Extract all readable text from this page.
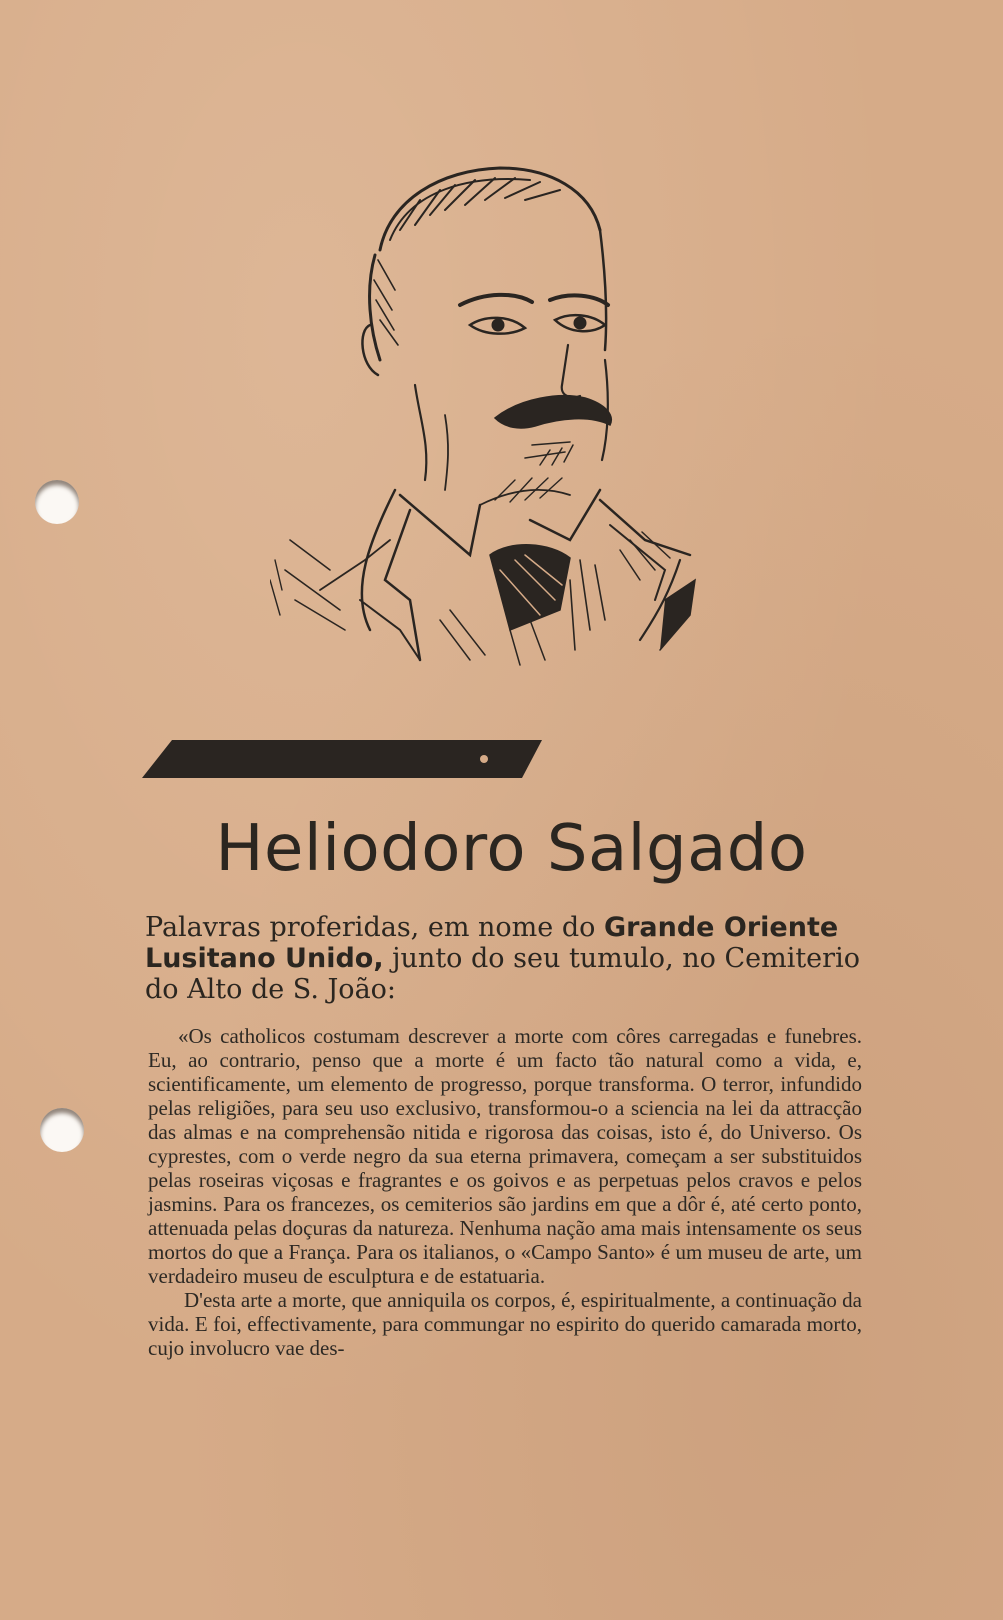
Heliodoro Salgado

Palavras proferidas, em nome do Grande Oriente Lusitano Unido, junto do seu tumulo, no Cemiterio do Alto de S. João:

«Os catholicos costumam descrever a morte com côres carregadas e funebres. Eu, ao contrario, penso que a morte é um facto tão natural como a vida, e, scientificamente, um elemento de progresso, porque transforma. O terror, infundido pelas religiões, para seu uso exclusivo, transformou-o a sciencia na lei da attracção das almas e na comprehensão nitida e rigorosa das coisas, isto é, do Universo. Os cyprestes, com o verde negro da sua eterna primavera, começam a ser substituidos pelas roseiras viçosas e fragrantes e os goivos e as perpetuas pelos cravos e pelos jasmins. Para os francezes, os cemiterios são jardins em que a dôr é, até certo ponto, attenuada pelas doçuras da natureza. Nenhuma nação ama mais intensamente os seus mortos do que a França. Para os italianos, o «Campo Santo» é um museu de arte, um verdadeiro museu de esculptura e de estatuaria.

D'esta arte a morte, que anniquila os corpos, é, espiritualmente, a continuação da vida. E foi, effectivamente, para commungar no espirito do querido camarada morto, cujo involucro vae des-
